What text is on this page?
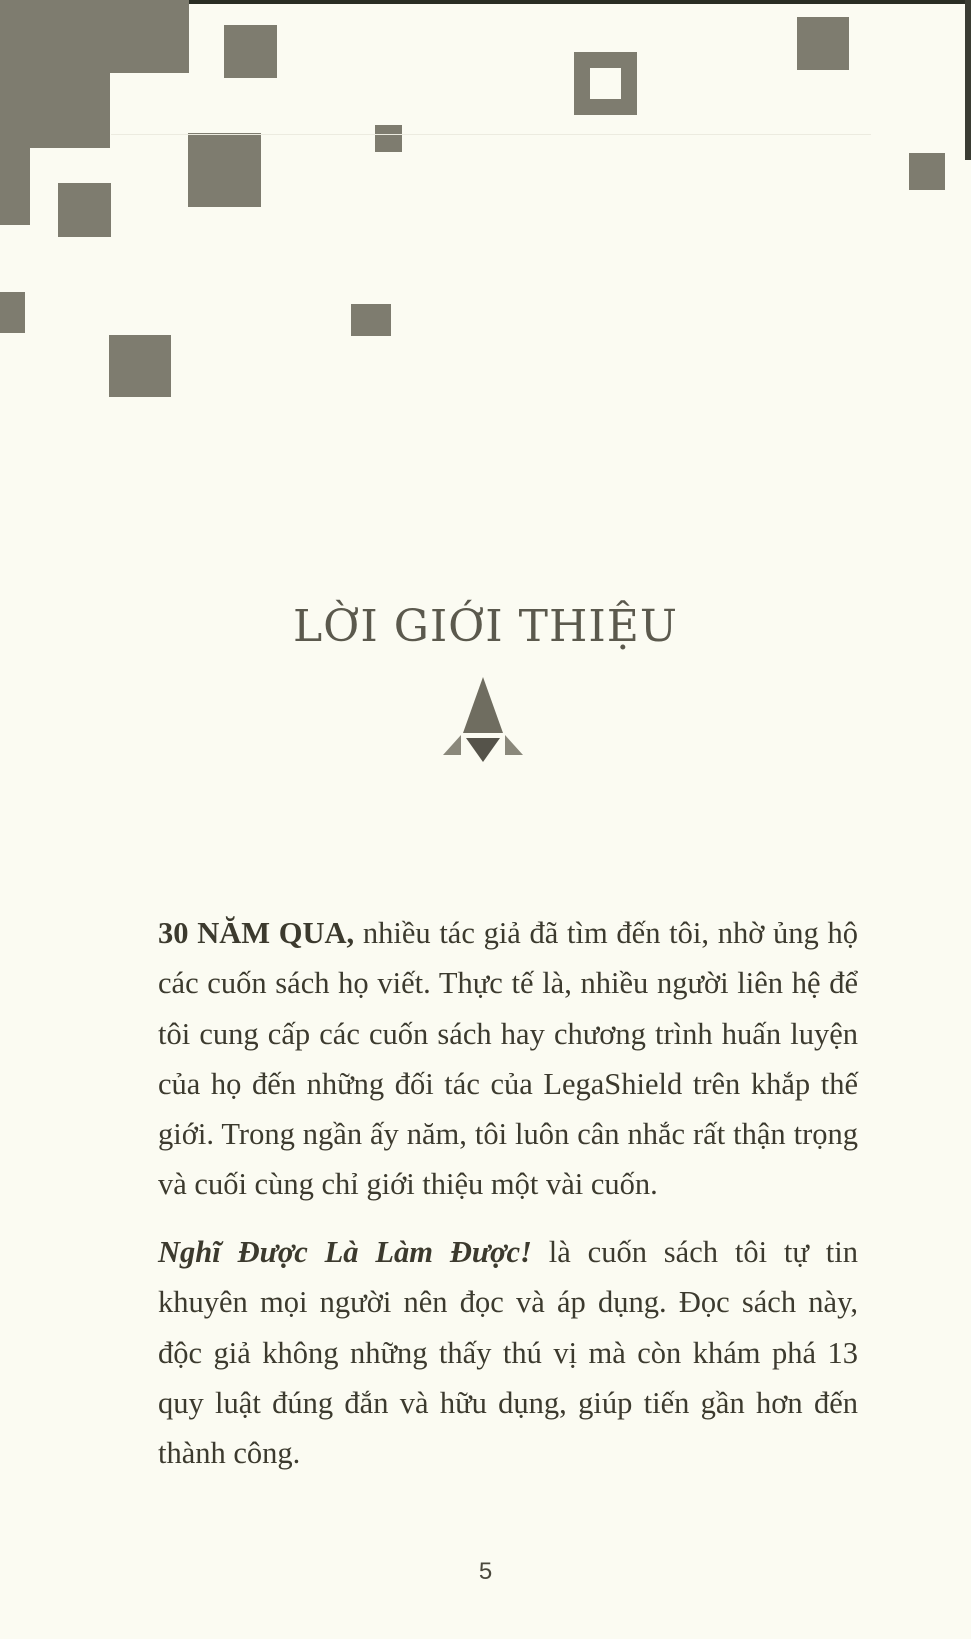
LỜI GIỚI THIỆU

30 NĂM QUA, nhiều tác giả đã tìm đến tôi, nhờ ủng hộ các cuốn sách họ viết. Thực tế là, nhiều người liên hệ để tôi cung cấp các cuốn sách hay chương trình huấn luyện của họ đến những đối tác của LegaShield trên khắp thế giới. Trong ngần ấy năm, tôi luôn cân nhắc rất thận trọng và cuối cùng chỉ giới thiệu một vài cuốn.

Nghĩ Được Là Làm Được! là cuốn sách tôi tự tin khuyên mọi người nên đọc và áp dụng. Đọc sách này, độc giả không những thấy thú vị mà còn khám phá 13 quy luật đúng đắn và hữu dụng, giúp tiến gần hơn đến thành công.

5
